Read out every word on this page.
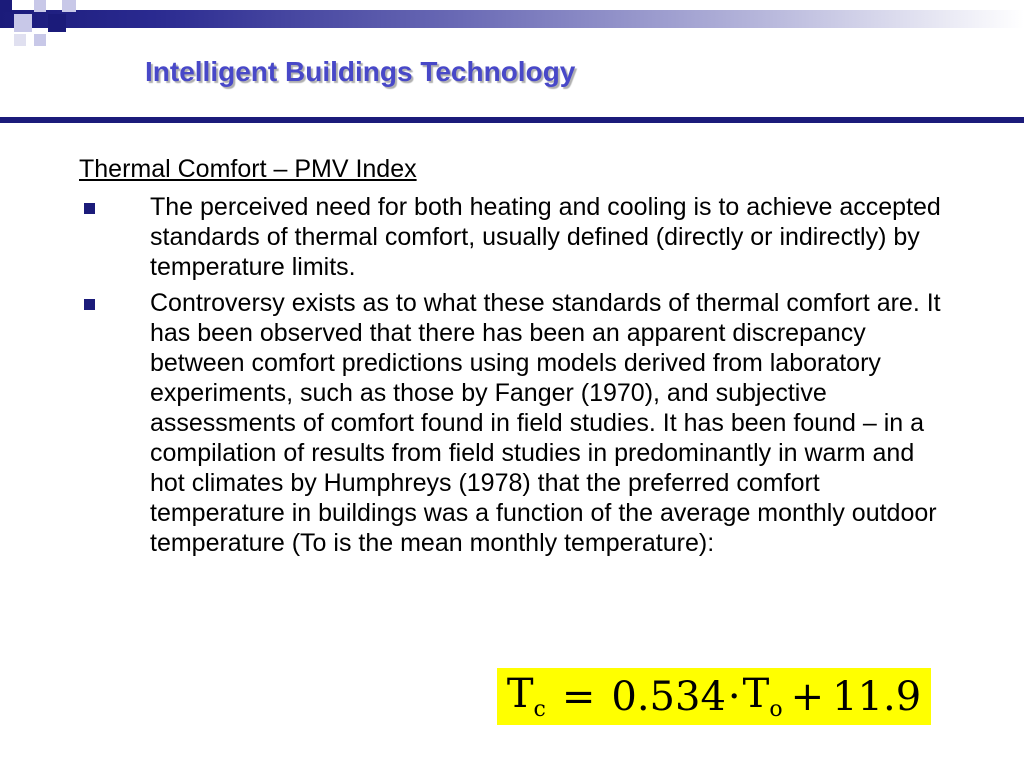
Intelligent Buildings Technology
Thermal Comfort – PMV Index
The perceived need for both heating and cooling is to achieve accepted standards of thermal comfort, usually defined (directly or indirectly) by temperature limits.
Controversy exists as to what these standards of thermal comfort are. It has been observed that there has been an apparent discrepancy between comfort predictions using models derived from laboratory experiments, such as those by Fanger (1970), and subjective assessments of comfort found in field studies. It has been found – in a compilation of results from field studies in predominantly in warm and hot climates by Humphreys (1978) that the preferred comfort temperature in buildings was a function of the average monthly outdoor temperature (To is the mean monthly temperature):
$T_c = 0.534 \cdot T_o + 11.9$
